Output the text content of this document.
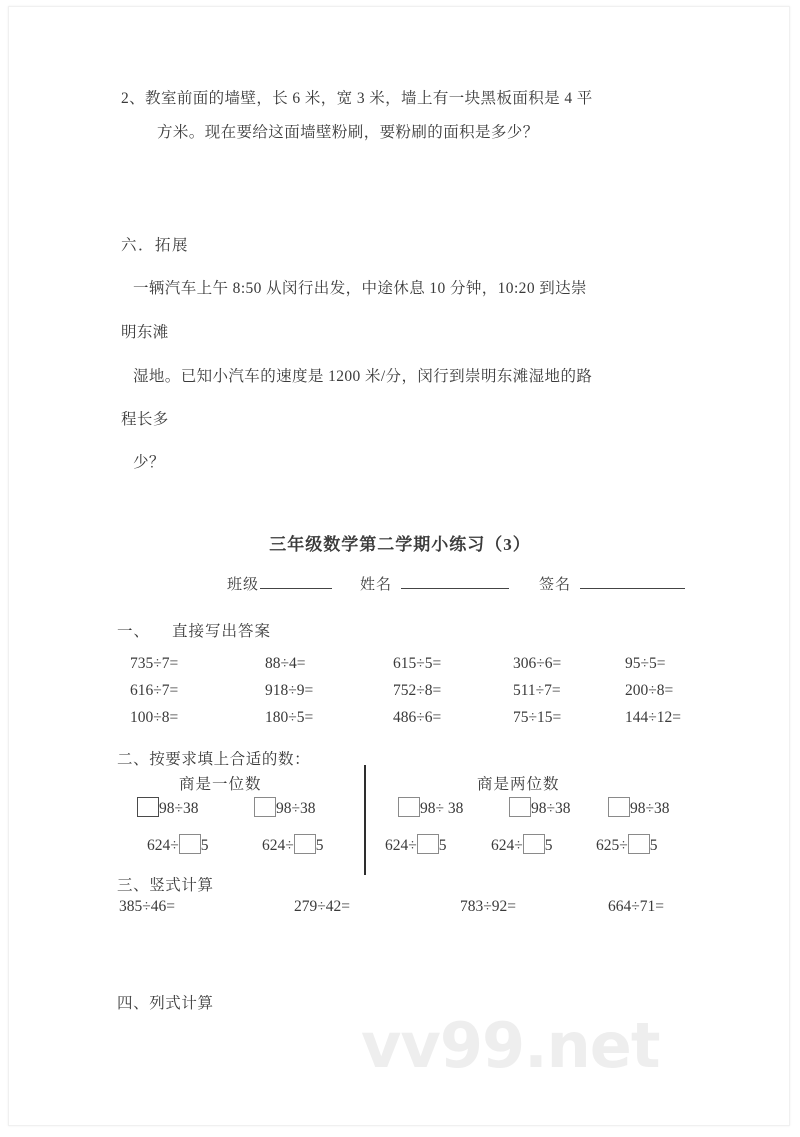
2、教室前面的墙壁，长 6 米，宽 3 米，墙上有一块黑板面积是 4 平
方米。现在要给这面墙壁粉刷，要粉刷的面积是多少？
六．拓展
一辆汽车上午 8:50 从闵行出发，中途休息 10 分钟，10:20 到达崇
明东滩
湿地。已知小汽车的速度是 1200 米/分，闵行到崇明东滩湿地的路
程长多
少？
三年级数学第二学期小练习（3）
班级	姓名	签名
一、 直接写出答案
735÷7=	88÷4=	615÷5=	306÷6=	95÷5=
616÷7=	918÷9=	752÷8=	511÷7=	200÷8=
100÷8=	180÷5=	486÷6=	75÷15=	144÷12=
二、按要求填上合适的数：
商是一位数	商是两位数
98÷38	98÷38
624÷ 5	624÷ 5
98÷ 38	98÷38	98÷38
624÷ 5	624÷ 5	625÷ 5
三、竖式计算
385÷46=	279÷42=	783÷92=	664÷71=
四、列式计算
vv99.net
